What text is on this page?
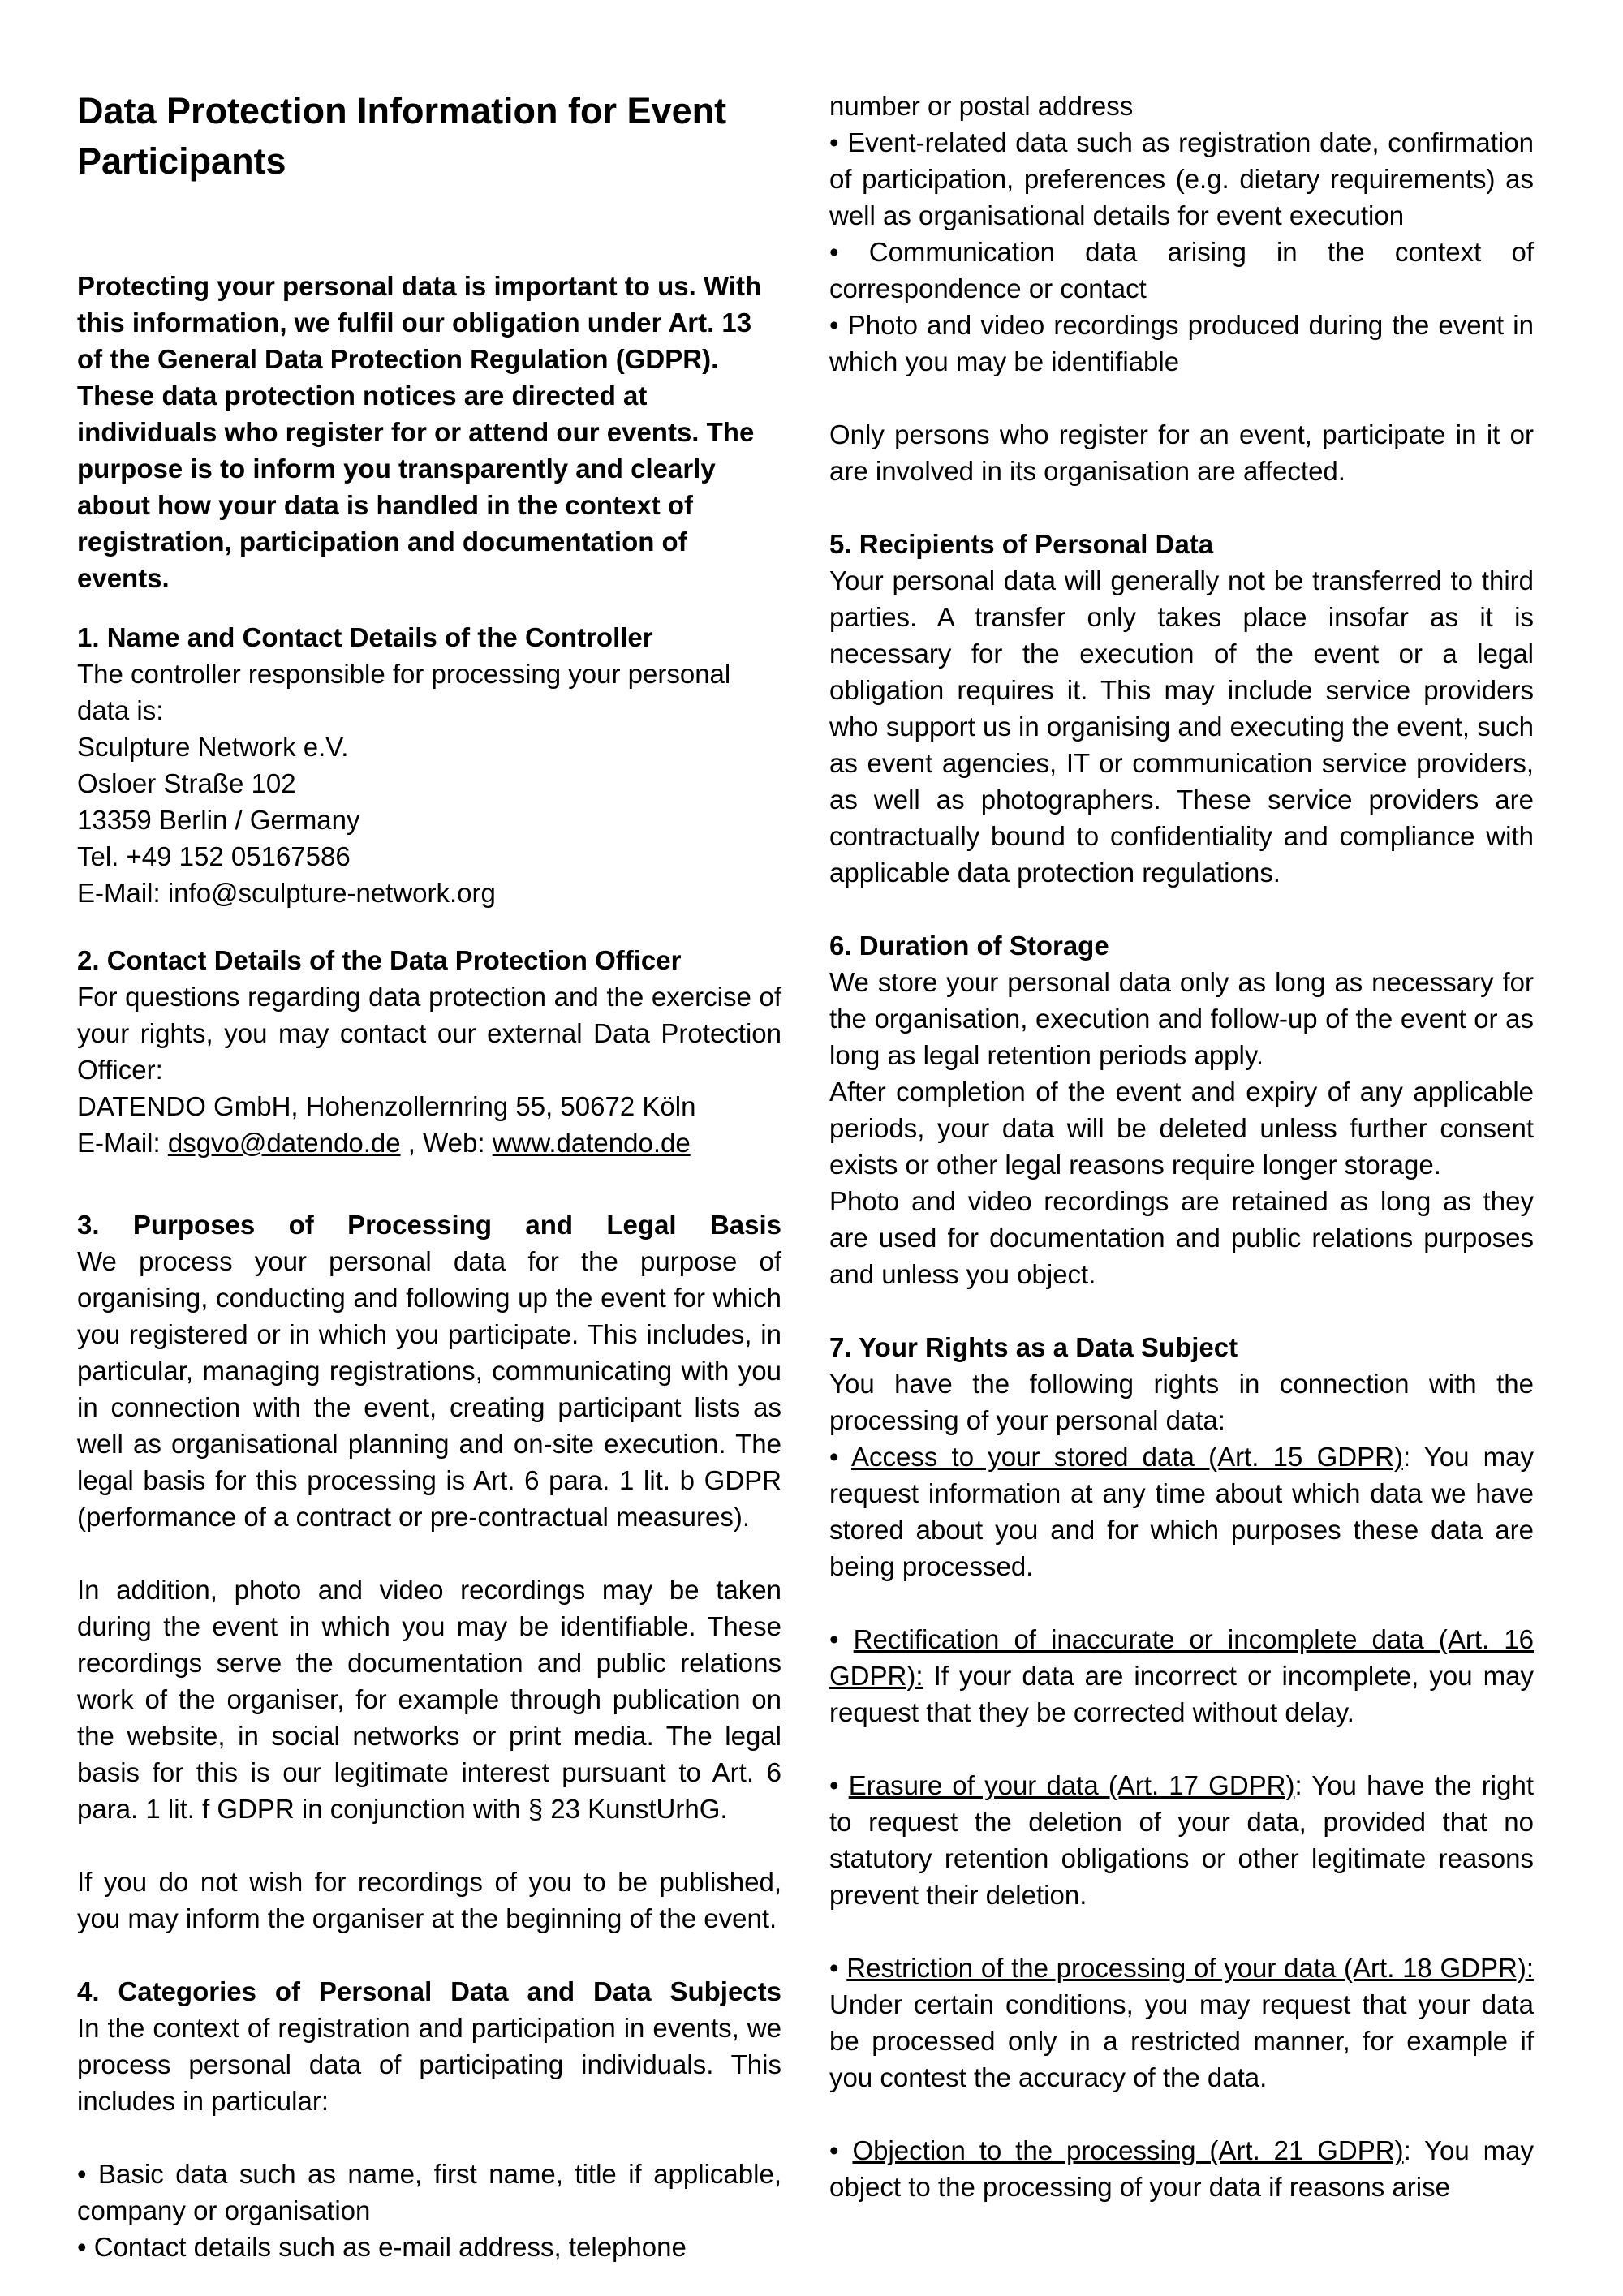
Data Protection Information for Event Participants

Protecting your personal data is important to us. With this information, we fulfil our obligation under Art. 13 of the General Data Protection Regulation (GDPR). These data protection notices are directed at individuals who register for or attend our events. The purpose is to inform you transparently and clearly about how your data is handled in the context of registration, participation and documentation of events.

1. Name and Contact Details of the Controller

The controller responsible for processing your personal data is:

Sculpture Network e.V.

Osloer Straße 102

13359 Berlin / Germany

Tel. +49 152 05167586

E-Mail: info@sculpture-network.org

2. Contact Details of the Data Protection Officer

For questions regarding data protection and the exercise of your rights, you may contact our external Data Protection Officer:

DATENDO GmbH, Hohenzollernring 55, 50672 Köln

E-Mail: dsgvo@datendo.de , Web: www.datendo.de

3. Purposes of Processing and Legal Basis

We process your personal data for the purpose of organising, conducting and following up the event for which you registered or in which you participate. This includes, in particular, managing registrations, communicating with you in connection with the event, creating participant lists as well as organisational planning and on-site execution. The legal basis for this processing is Art. 6 para. 1 lit. b GDPR (performance of a contract or pre-contractual measures).

In addition, photo and video recordings may be taken during the event in which you may be identifiable. These recordings serve the documentation and public relations work of the organiser, for example through publication on the website, in social networks or print media. The legal basis for this is our legitimate interest pursuant to Art. 6 para. 1 lit. f GDPR in conjunction with § 23 KunstUrhG.

If you do not wish for recordings of you to be published, you may inform the organiser at the beginning of the event.

4. Categories of Personal Data and Data Subjects

In the context of registration and participation in events, we process personal data of participating individuals. This includes in particular:

• Basic data such as name, first name, title if applicable, company or organisation

• Contact details such as e-mail address, telephone

number or postal address

• Event-related data such as registration date, confirmation of participation, preferences (e.g. dietary requirements) as well as organisational details for event execution

• Communication data arising in the context of correspondence or contact

• Photo and video recordings produced during the event in which you may be identifiable

Only persons who register for an event, participate in it or are involved in its organisation are affected.

5. Recipients of Personal Data

Your personal data will generally not be transferred to third parties. A transfer only takes place insofar as it is necessary for the execution of the event or a legal obligation requires it. This may include service providers who support us in organising and executing the event, such as event agencies, IT or communication service providers, as well as photographers. These service providers are contractually bound to confidentiality and compliance with applicable data protection regulations.

6. Duration of Storage

We store your personal data only as long as necessary for the organisation, execution and follow-up of the event or as long as legal retention periods apply.

After completion of the event and expiry of any applicable periods, your data will be deleted unless further consent exists or other legal reasons require longer storage.

Photo and video recordings are retained as long as they are used for documentation and public relations purposes and unless you object.

7. Your Rights as a Data Subject

You have the following rights in connection with the processing of your personal data:

• Access to your stored data (Art. 15 GDPR): You may request information at any time about which data we have stored about you and for which purposes these data are being processed.

• Rectification of inaccurate or incomplete data (Art. 16 GDPR): If your data are incorrect or incomplete, you may request that they be corrected without delay.

• Erasure of your data (Art. 17 GDPR): You have the right to request the deletion of your data, provided that no statutory retention obligations or other legitimate reasons prevent their deletion.

• Restriction of the processing of your data (Art. 18 GDPR): Under certain conditions, you may request that your data be processed only in a restricted manner, for example if you contest the accuracy of the data.

• Objection to the processing (Art. 21 GDPR): You may object to the processing of your data if reasons arise
